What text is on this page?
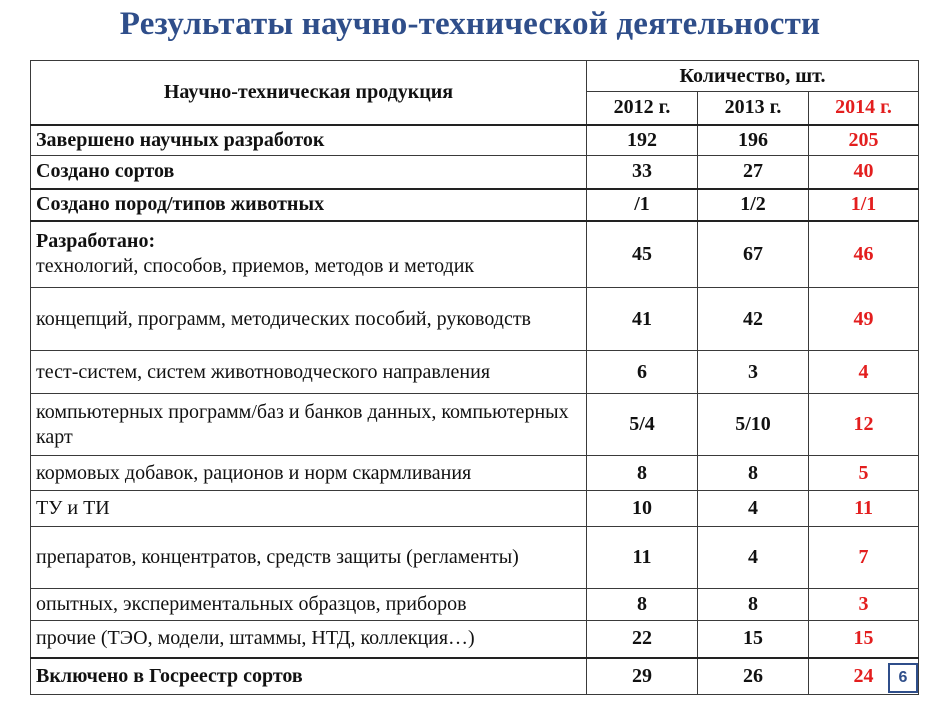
Результаты научно-технической деятельности
Научно-техническая продукция	Количество, шт.		
	2012 г.	2013 г.	2014 г.
Завершено научных разработок	192	196	205
Создано сортов	33	27	40
Создано пород/типов животных	/1	1/2	1/1

Разработано:
технологий, способов, приемов, методов и методик	45	67	46
концепций, программ, методических пособий, руководств	41	42	49
тест-систем, систем животноводческого направления	6	3	4
компьютерных программ/баз и банков данных, компьютерных карт	5/4	5/10	12
кормовых добавок, рационов и норм скармливания	8	8	5
ТУ и ТИ	10	4	11
препаратов, концентратов, средств защиты (регламенты)	11	4	7
опытных, экспериментальных образцов, приборов	8	8	3
прочие (ТЭО, модели, штаммы, НТД, коллекция…)	22	15	15
Включено в Госреестр сортов	29	26	24	6
